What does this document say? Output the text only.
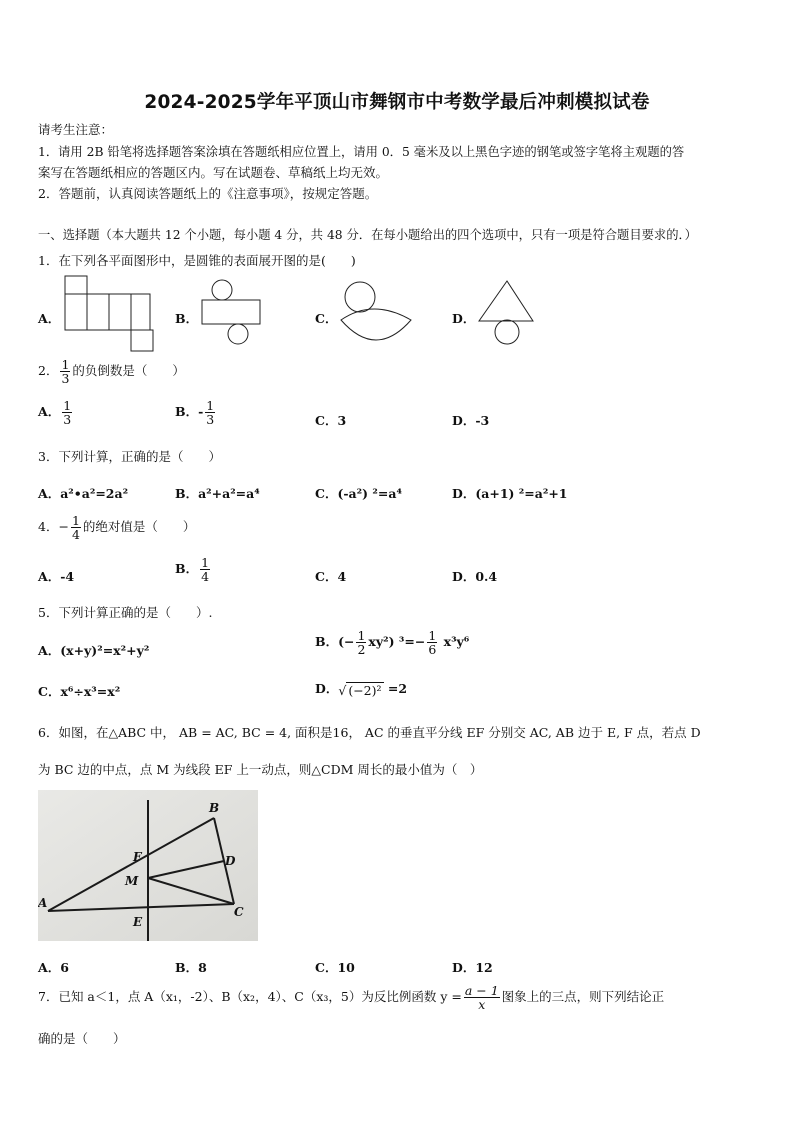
2024-2025学年平顶山市舞钢市中考数学最后冲刺模拟试卷
请考生注意：
1．请用 2B 铅笔将选择题答案涂填在答题纸相应位置上，请用 0．5 毫米及以上黑色字迹的钢笔或签字笔将主观题的答
案写在答题纸相应的答题区内。写在试题卷、草稿纸上均无效。
2．答题前，认真阅读答题纸上的《注意事项》，按规定答题。
一、选择题（本大题共 12 个小题，每小题 4 分，共 48 分．在每小题给出的四个选项中，只有一项是符合题目要求的．）
1．在下列各平面图形中，是圆锥的表面展开图的是(　　)
A．	B．	C．	D．
2． $\frac{1}{3}$ 的负倒数是（　　）
A． $\frac{1}{3}$	B．- $\frac{1}{3}$	C．3	D．-3
3．下列计算，正确的是（　　）
A．a²•a²=2a²	B．a²+a²=a⁴	C．(-a²) ²=a⁴	D．(a+1) ²=a²+1
4．− $\frac{1}{4}$ 的绝对值是（　　）
A．-4
B． $\frac{1}{4}$	C．4	D．0.4
5．下列计算正确的是（　　）.
A．(x+y)²=x²+y²
B．(− $\frac{1}{2} xy^2$) $^3=- \frac{1}{6} x^3y^6$
C．x⁶÷x³=x²	D． √ (−2)² =2
6．如图，在△ABC 中， AB = AC, BC = 4, 面积是16， AC 的垂直平分线 EF 分别交 AC, AB 边于 E, F 点，若点 D
为 BC 边的中点，点 M 为线段 EF 上一动点，则△CDM 周长的最小值为（　）
A
B
C
D
E
F
M
A．6	B．8	C．10	D．12
7．已知 a＜1，点 A（x₁，-2）、B（x₂，4）、C（x₃，5）为反比例函数 $y = \frac{a - 1}{x}$ 图象上的三点，则下列结论正
确的是（　　）
